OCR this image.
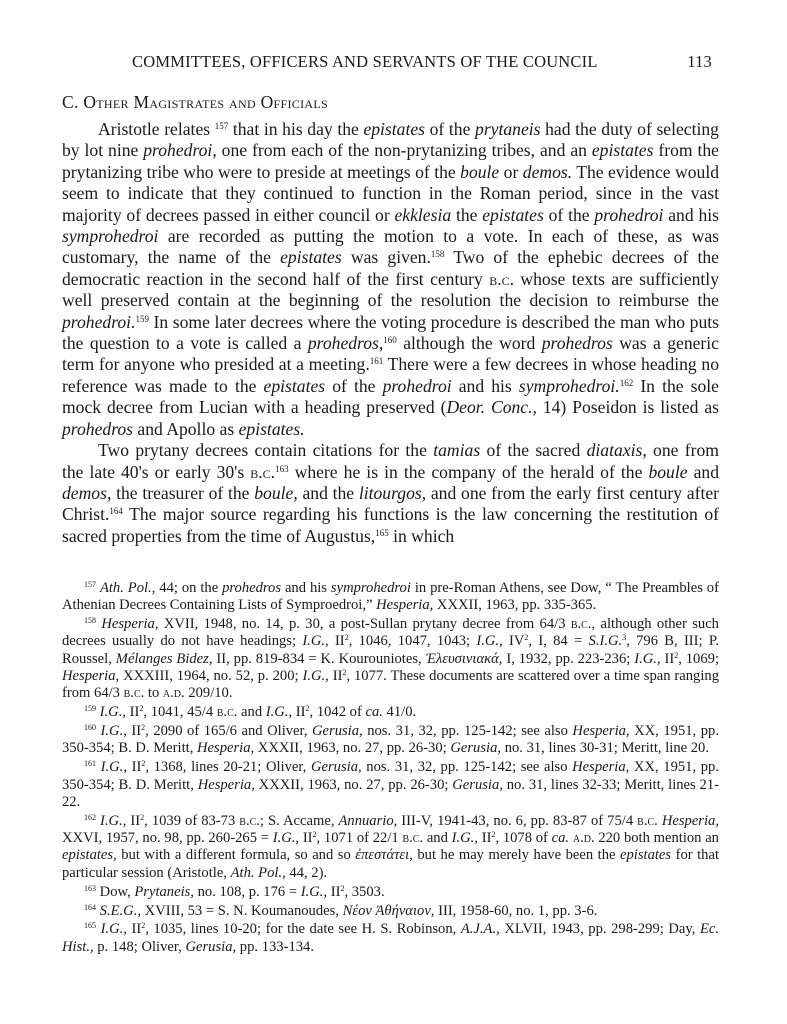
COMMITTEES, OFFICERS AND SERVANTS OF THE COUNCIL	113
C. Other Magistrates and Officials

Aristotle relates $^{157}$ that in his day the epistates of the prytaneis had the duty of selecting by lot nine prohedroi, one from each of the non-prytanizing tribes, and an epistates from the prytanizing tribe who were to preside at meetings of the boule or demos. The evidence would seem to indicate that they continued to function in the Roman period, since in the vast majority of decrees passed in either council or ekklesia the epistates of the prohedroi and his symprohedroi are recorded as putting the motion to a vote. In each of these, as was customary, the name of the epistates was given.$^{158}$ Two of the ephebic decrees of the democratic reaction in the second half of the first century b.c. whose texts are sufficiently well preserved contain at the beginning of the resolution the decision to reimburse the prohedroi.$^{159}$ In some later decrees where the voting procedure is described the man who puts the question to a vote is called a prohedros,$^{160}$ although the word prohedros was a generic term for anyone who presided at a meeting.$^{161}$ There were a few decrees in whose heading no reference was made to the epistates of the prohedroi and his symprohedroi.$^{162}$ In the sole mock decree from Lucian with a heading preserved (Deor. Conc., 14) Poseidon is listed as prohedros and Apollo as epistates.

Two prytany decrees contain citations for the tamias of the sacred diataxis, one from the late 40's or early 30's b.c.$^{163}$ where he is in the company of the herald of the boule and demos, the treasurer of the boule, and the litourgos, and one from the early first century after Christ.$^{164}$ The major source regarding his functions is the law concerning the restitution of sacred properties from the time of Augustus,$^{165}$ in which

$^{157}$ Ath. Pol., 44; on the prohedros and his symprohedroi in pre-Roman Athens, see Dow, “ The Preambles of Athenian Decrees Containing Lists of Symproedroi,” Hesperia, XXXII, 1963, pp. 335-365.

$^{158}$ Hesperia, XVII, 1948, no. 14, p. 30, a post-Sullan prytany decree from 64/3 b.c., although other such decrees usually do not have headings; I.G., $II^2$, 1046, 1047, 1043; I.G., $IV^2$, I, 84 = S.I.G.$^3$, 796 B, III; P. Roussel, Mélanges Bidez, II, pp. 819-834 = K. Kourouniotes, Ἐλευσινιακά, I, 1932, pp. 223-236; I.G., $II^2$, 1069; Hesperia, XXXIII, 1964, no. 52, p. 200; I.G., $II^2$, 1077. These documents are scattered over a time span ranging from 64/3 b.c. to a.d. 209/10.

$^{159}$ I.G., $II^2$, 1041, 45/4 b.c. and I.G., $II^2$, 1042 of ca. 41/0.

$^{160}$ I.G., $II^2$, 2090 of 165/6 and Oliver, Gerusia, nos. 31, 32, pp. 125-142; see also Hesperia, XX, 1951, pp. 350-354; B. D. Meritt, Hesperia, XXXII, 1963, no. 27, pp. 26-30; Gerusia, no. 31, lines 30-31; Meritt, line 20.

$^{161}$ I.G., $II^2$, 1368, lines 20-21; Oliver, Gerusia, nos. 31, 32, pp. 125-142; see also Hesperia, XX, 1951, pp. 350-354; B. D. Meritt, Hesperia, XXXII, 1963, no. 27, pp. 26-30; Gerusia, no. 31, lines 32-33; Meritt, lines 21-22.

$^{162}$ I.G., $II^2$, 1039 of 83-73 b.c.; S. Accame, Annuario, III-V, 1941-43, no. 6, pp. 83-87 of 75/4 b.c. Hesperia, XXVI, 1957, no. 98, pp. 260-265 = I.G., $II^2$, 1071 of 22/1 b.c. and I.G., $II^2$, 1078 of ca. a.d. 220 both mention an epistates, but with a different formula, so and so ἐπεστάτει, but he may merely have been the epistates for that particular session (Aristotle, Ath. Pol., 44, 2).

$^{163}$ Dow, Prytaneis, no. 108, p. 176 = I.G., $II^2$, 3503.

$^{164}$ S.E.G., XVIII, 53 = S. N. Koumanoudes, Νέον Ἀθήναιον, III, 1958-60, no. 1, pp. 3-6.

$^{165}$ I.G., $II^2$, 1035, lines 10-20; for the date see H. S. Robinson, A.J.A., XLVII, 1943, pp. 298-299; Day, Ec. Hist., p. 148; Oliver, Gerusia, pp. 133-134.
